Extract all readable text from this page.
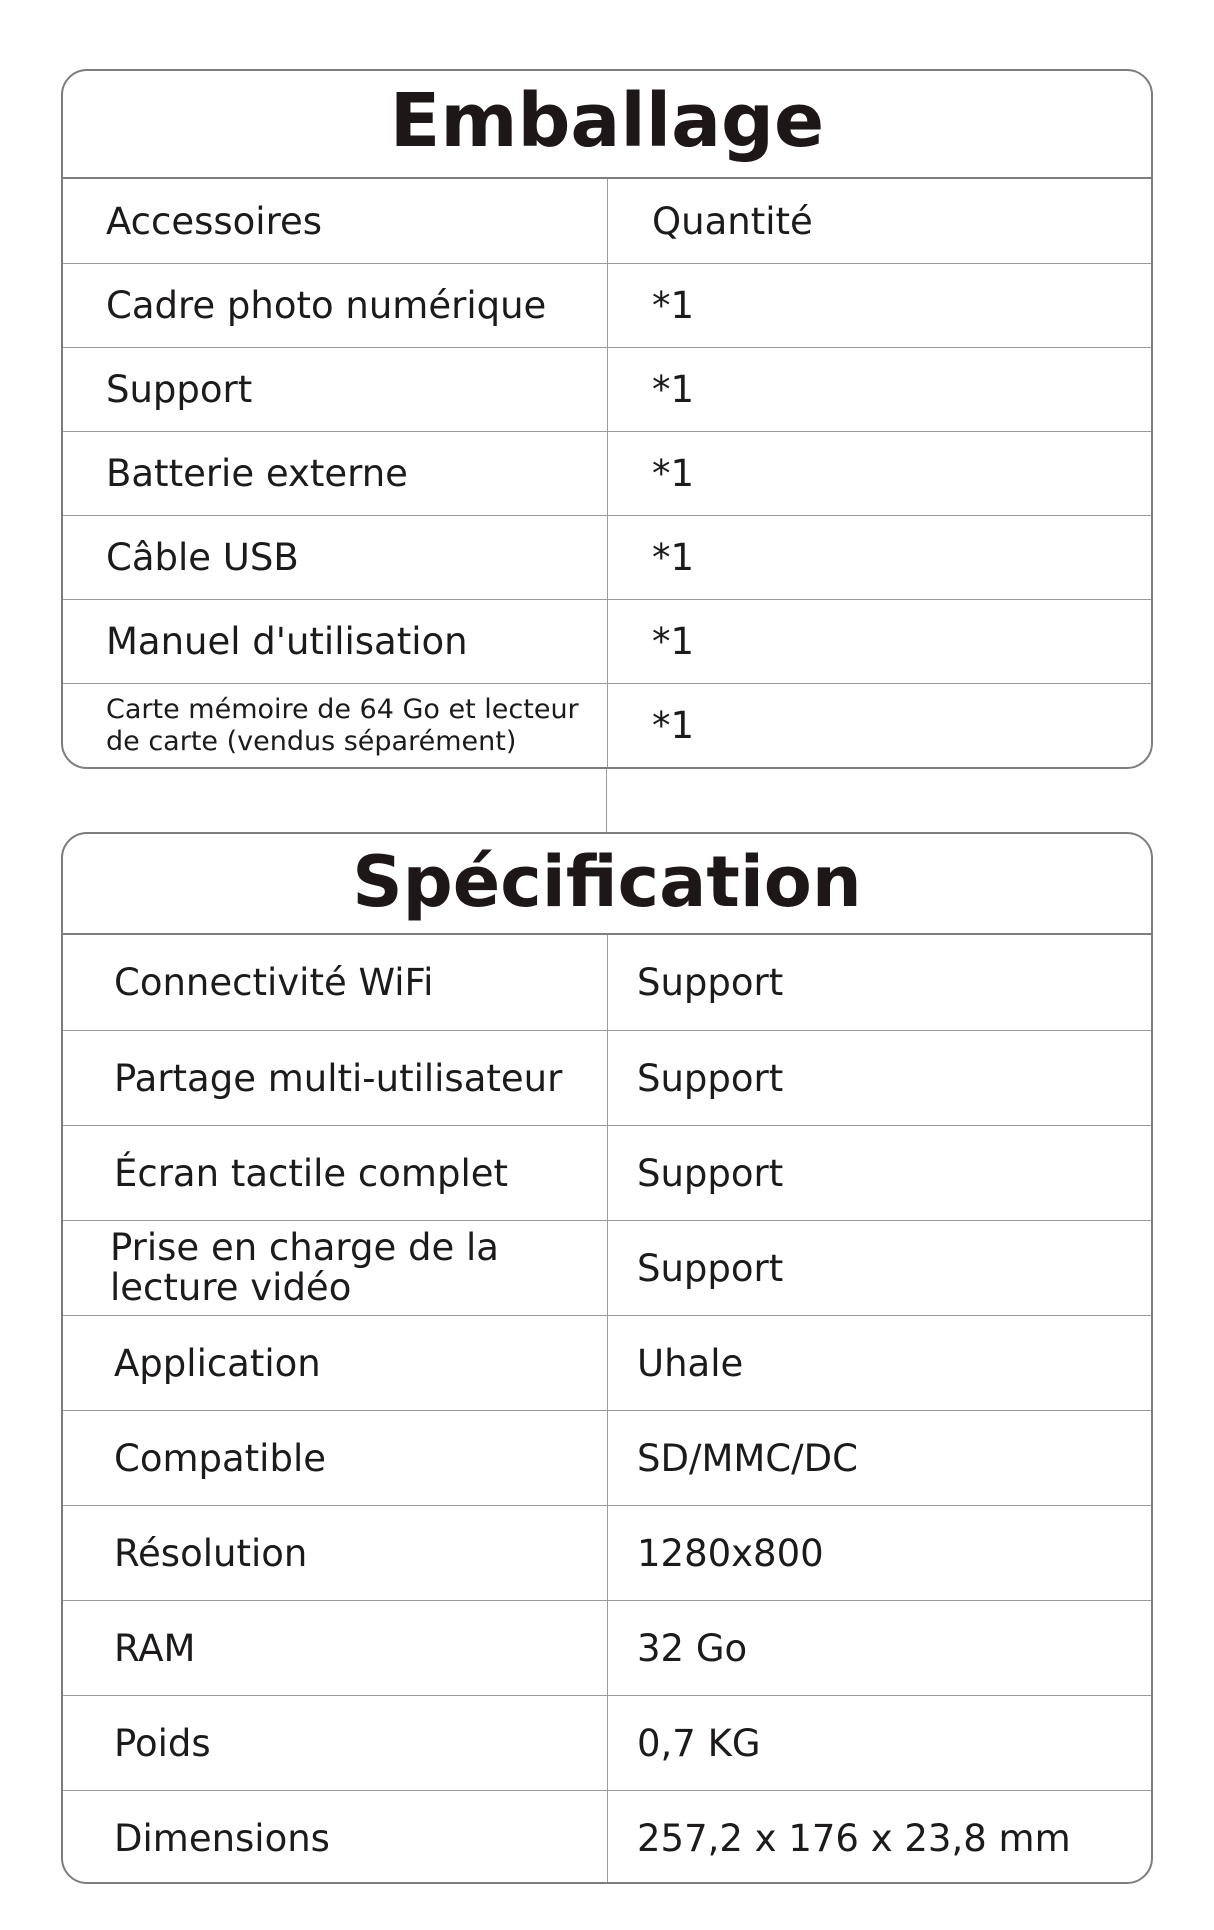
Emballage
Accessoires	Quantité
Cadre photo numérique	*1
Support	*1
Batterie externe	*1
Câble USB	*1
Manuel d'utilisation	*1
Carte mémoire de 64 Go et lecteur
de carte (vendus séparément)	*1
Spécification
Connectivité WiFi	Support
Partage multi-utilisateur	Support
Écran tactile complet	Support
Prise en charge de la
lecture vidéo	Support
Application	Uhale
Compatible	SD/MMC/DC
Résolution	1280x800
RAM	32 Go
Poids	0,7 KG
Dimensions	257,2 x 176 x 23,8 mm
